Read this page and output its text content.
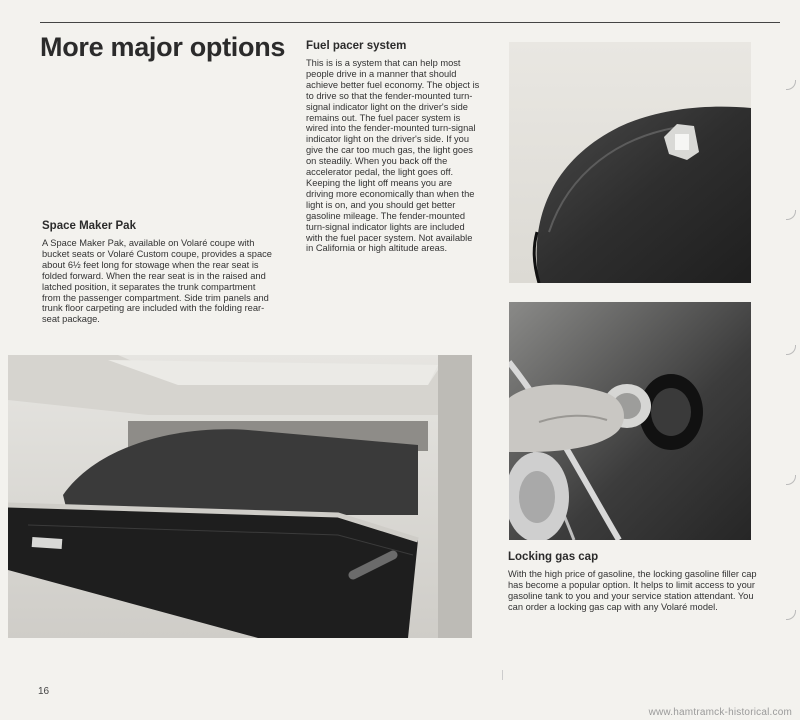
More major options Fuel pacer system

This is is a system that can help most people drive in a manner that should achieve better fuel economy. The object is to drive so that the fender-mounted turn-signal indicator light on the driver's side remains out. The fuel pacer system is wired into the fender-mounted turn-signal indicator light on the driver's side. If you give the car too much gas, the light goes on steadily. When you back off the accelerator pedal, the light goes off. Keeping the light off means you are driving more economically than when the light is on, and you should get better gasoline mileage. The fender-mounted turn-signal indicator lights are included with the fuel pacer system. Not available in California or high altitude areas.

Space Maker Pak

A Space Maker Pak, available on Volaré coupe with bucket seats or Volaré Custom coupe, provides a space about 6½ feet long for stowage when the rear seat is folded forward. When the rear seat is in the raised and latched position, it separates the trunk compartment from the passenger compartment. Side trim panels and trunk floor carpeting are included with the folding rear-seat package.

Locking gas cap

With the high price of gasoline, the locking gasoline filler cap has become a popular option. It helps to limit access to your gasoline tank to you and your service station attendant. You can order a locking gas cap with any Volaré model.

16
www.hamtramck-historical.com
